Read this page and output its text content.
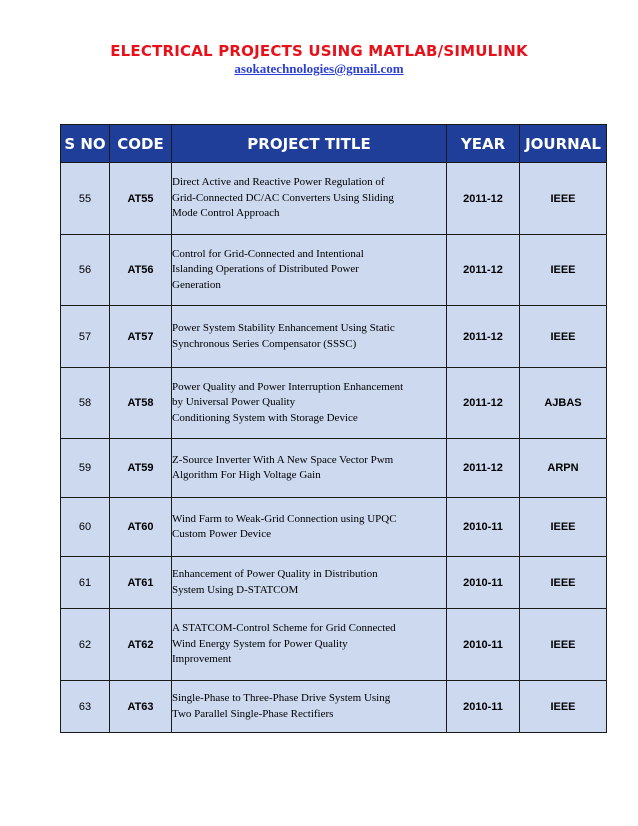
ELECTRICAL PROJECTS USING MATLAB/SIMULINK
asokatechnologies@gmail.com
S NO	CODE	PROJECT TITLE	YEAR	JOURNAL
55	AT55	Direct Active and Reactive Power Regulation of
Grid-Connected DC/AC Converters Using Sliding
Mode Control Approach	2011-12	IEEE
56	AT56	Control for Grid-Connected and Intentional
Islanding Operations of Distributed Power
Generation	2011-12	IEEE
57	AT57	Power System Stability Enhancement Using Static
Synchronous Series Compensator (SSSC)	2011-12	IEEE
58	AT58	Power Quality and Power Interruption Enhancement
by Universal Power Quality
Conditioning System with Storage Device	2011-12	AJBAS
59	AT59	Z-Source Inverter With A New Space Vector Pwm
Algorithm For High Voltage Gain	2011-12	ARPN
60	AT60	Wind Farm to Weak-Grid Connection using UPQC
Custom Power Device	2010-11	IEEE
61	AT61	Enhancement of Power Quality in Distribution
System Using D-STATCOM	2010-11	IEEE
62	AT62	A STATCOM-Control Scheme for Grid Connected
Wind Energy System for Power Quality
Improvement	2010-11	IEEE
63	AT63	Single-Phase to Three-Phase Drive System Using
Two Parallel Single-Phase Rectifiers	2010-11	IEEE
